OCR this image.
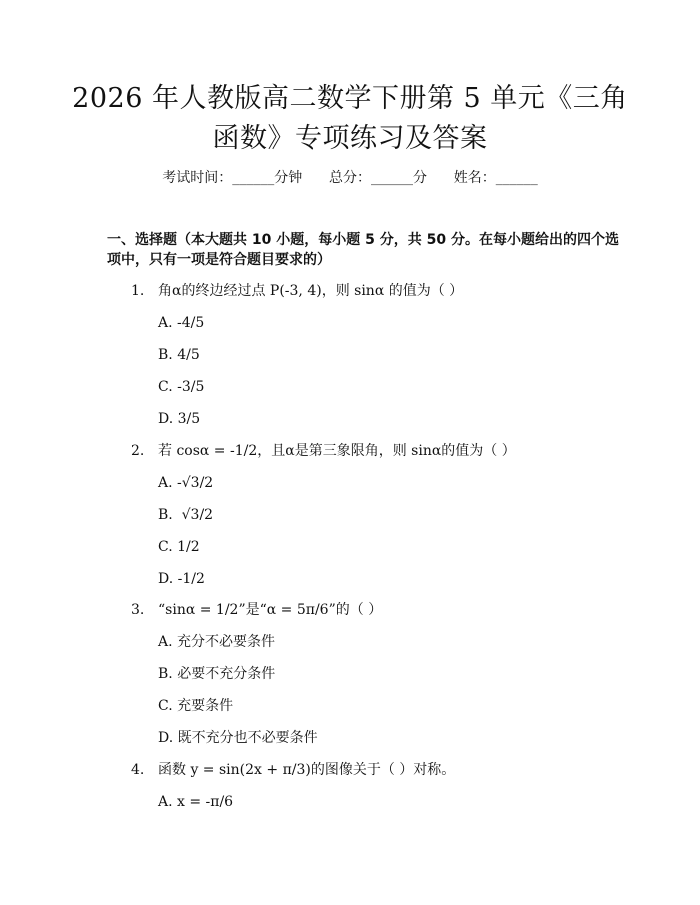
2026 年人教版高二数学下册第 5 单元《三角
函数》专项练习及答案
考试时间：______分钟      总分：______分      姓名：______
一、选择题（本大题共 10 小题，每小题 5 分，共 50 分。在每小题给出的四个选
项中，只有一项是符合题目要求的）
1. 角α的终边经过点 P(-3, 4)，则 sinα 的值为（ ）
A. -4/5
B. 4/5
C. -3/5
D. 3/5
2. 若 cosα = -1/2，且α是第三象限角，则 sinα的值为（ ）
A. -√3/2
B.  √3/2
C. 1/2
D. -1/2
3. “sinα = 1/2”是“α = 5π/6”的（ ）
A. 充分不必要条件
B. 必要不充分条件
C. 充要条件
D. 既不充分也不必要条件
4. 函数 y = sin(2x + π/3)的图像关于（ ）对称。
A. x = -π/6
